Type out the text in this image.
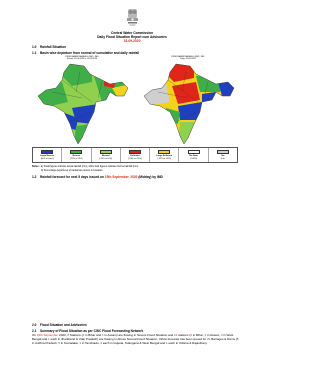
Central Water Commission
Daily Flood Situation Report cum Advisories
15-09-2020
1.0 Rainfall Situation
1.1 Basin wise departure from normal of cumulative and daily rainfall
RIVER BASIN RAINFALL (MM) : IMD
Period: 01-06-2020 to 15-09-2020
RIVER BASIN RAINFALL (MM) : IMD
Daily: 15-09-2020
Large Excess
[60% or more]
Excess
[20% to 59%]
Normal
[-19% to 19%]
Deficient
[-59% to -20%]
Large Deficient
[-99% to -60%]
No Data
(-100%)
No
Rain
Notes : a) Small figures indicate actual rainfall (mm), while bold figures indicate Normal rainfall (mm)
b) Percentage departures of rainfall are shown in brackets.
1.2 Rainfall forecast for next 5 days issued on 15th September, 2020 (Midday) by IMD
2.0 Flood Situation and Advisories
2.1 Summary of Flood Situation as per CWC Flood Forecasting Network
On 15th September 2020, 8 Stations (2 in Bihar and 1 in Assam) are flowing in Severe Flood Situation and 22 stations (6 in Bihar, 3 in Assam, 4 in West Bengal and 1 each in Jharkhand & Uttar Pradesh) are flowing in Above Normal Flood Situation. Inflow Forecast has been issued for 21 Barrages & Dams (8 in Andhra Pradesh, 5 in Karnataka, 3 in Tamilnadu, 2 each in Gujarat, Telangana & West Bengal and 1 each in Odisha & Rajasthan).
